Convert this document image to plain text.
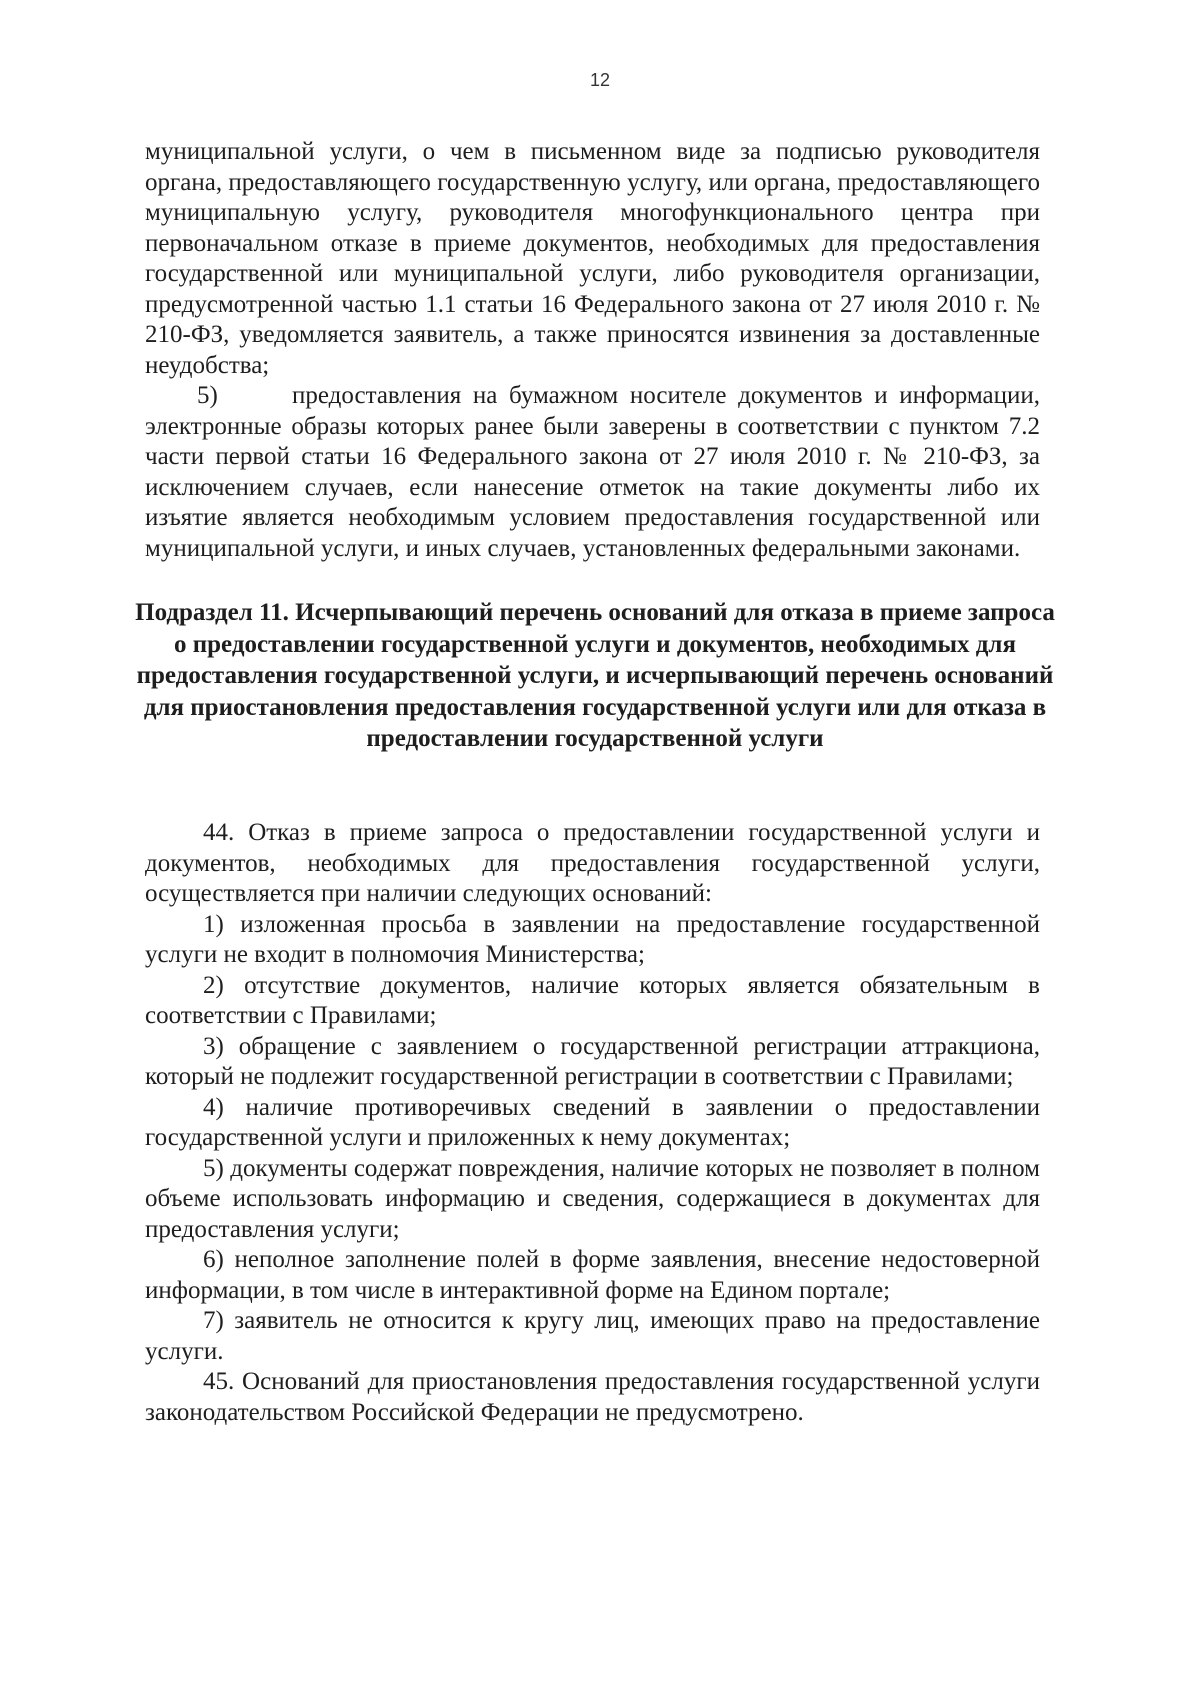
12

муниципальной услуги, о чем в письменном виде за подписью руководителя органа, предоставляющего государственную услугу, или органа, предоставляющего муниципальную услугу, руководителя многофункционального центра при первоначальном отказе в приеме документов, необходимых для предоставления государственной или муниципальной услуги, либо руководителя организации, предусмотренной частью 1.1 статьи 16 Федерального закона от 27 июля 2010 г. № 210-ФЗ, уведомляется заявитель, а также приносятся извинения за доставленные неудобства;

5)	предоставления на бумажном носителе документов и информации, электронные образы которых ранее были заверены в соответствии с пунктом 7.2 части первой статьи 16 Федерального закона от 27 июля 2010 г. № 210-ФЗ, за исключением случаев, если нанесение отметок на такие документы либо их изъятие является необходимым условием предоставления государственной или муниципальной услуги, и иных случаев, установленных федеральными законами.

Подраздел 11. Исчерпывающий перечень оснований для отказа в приеме запроса о предоставлении государственной услуги и документов, необходимых для предоставления государственной услуги, и исчерпывающий перечень оснований для приостановления предоставления государственной услуги или для отказа в предоставлении государственной услуги

44. Отказ в приеме запроса о предоставлении государственной услуги и документов, необходимых для предоставления государственной услуги, осуществляется при наличии следующих оснований:

1) изложенная просьба в заявлении на предоставление государственной услуги не входит в полномочия Министерства;

2) отсутствие документов, наличие которых является обязательным в соответствии с Правилами;

3) обращение с заявлением о государственной регистрации аттракциона, который не подлежит государственной регистрации в соответствии с Правилами;

4) наличие противоречивых сведений в заявлении о предоставлении государственной услуги и приложенных к нему документах;

5) документы содержат повреждения, наличие которых не позволяет в полном объеме использовать информацию и сведения, содержащиеся в документах для предоставления услуги;

6) неполное заполнение полей в форме заявления, внесение недостоверной информации, в том числе в интерактивной форме на Едином портале;

7) заявитель не относится к кругу лиц, имеющих право на предоставление услуги.

45. Оснований для приостановления предоставления государственной услуги законодательством Российской Федерации не предусмотрено.
